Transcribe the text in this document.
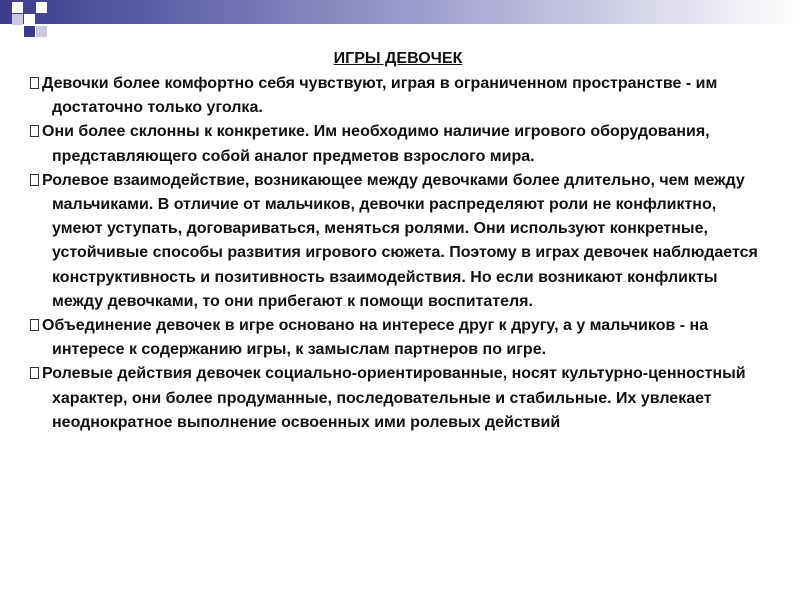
ИГРЫ ДЕВОЧЕК

Девочки более комфортно себя чувствуют, играя в ограниченном пространстве - им достаточно только уголка.

Они более склонны к конкретике. Им необходимо наличие игрового оборудования, представляющего собой аналог предметов взрослого мира.

Ролевое взаимодействие, возникающее между девочками более длительно, чем между мальчиками. В отличие от мальчиков, девочки распределяют роли не конфликтно, умеют уступать, договариваться, меняться ролями. Они используют конкретные, устойчивые способы развития игрового сюжета. Поэтому в играх девочек наблюдается конструктивность и позитивность взаимодействия. Но если возникают конфликты между девочками, то они прибегают к помощи воспитателя.

Объединение девочек в игре основано на интересе друг к другу, а у мальчиков - на интересе к содержанию игры, к замыслам партнеров по игре.

Ролевые действия девочек социально-ориентированные, носят культурно-ценностный характер, они более продуманные, последовательные и стабильные. Их увлекает неоднократное выполнение освоенных ими ролевых действий
